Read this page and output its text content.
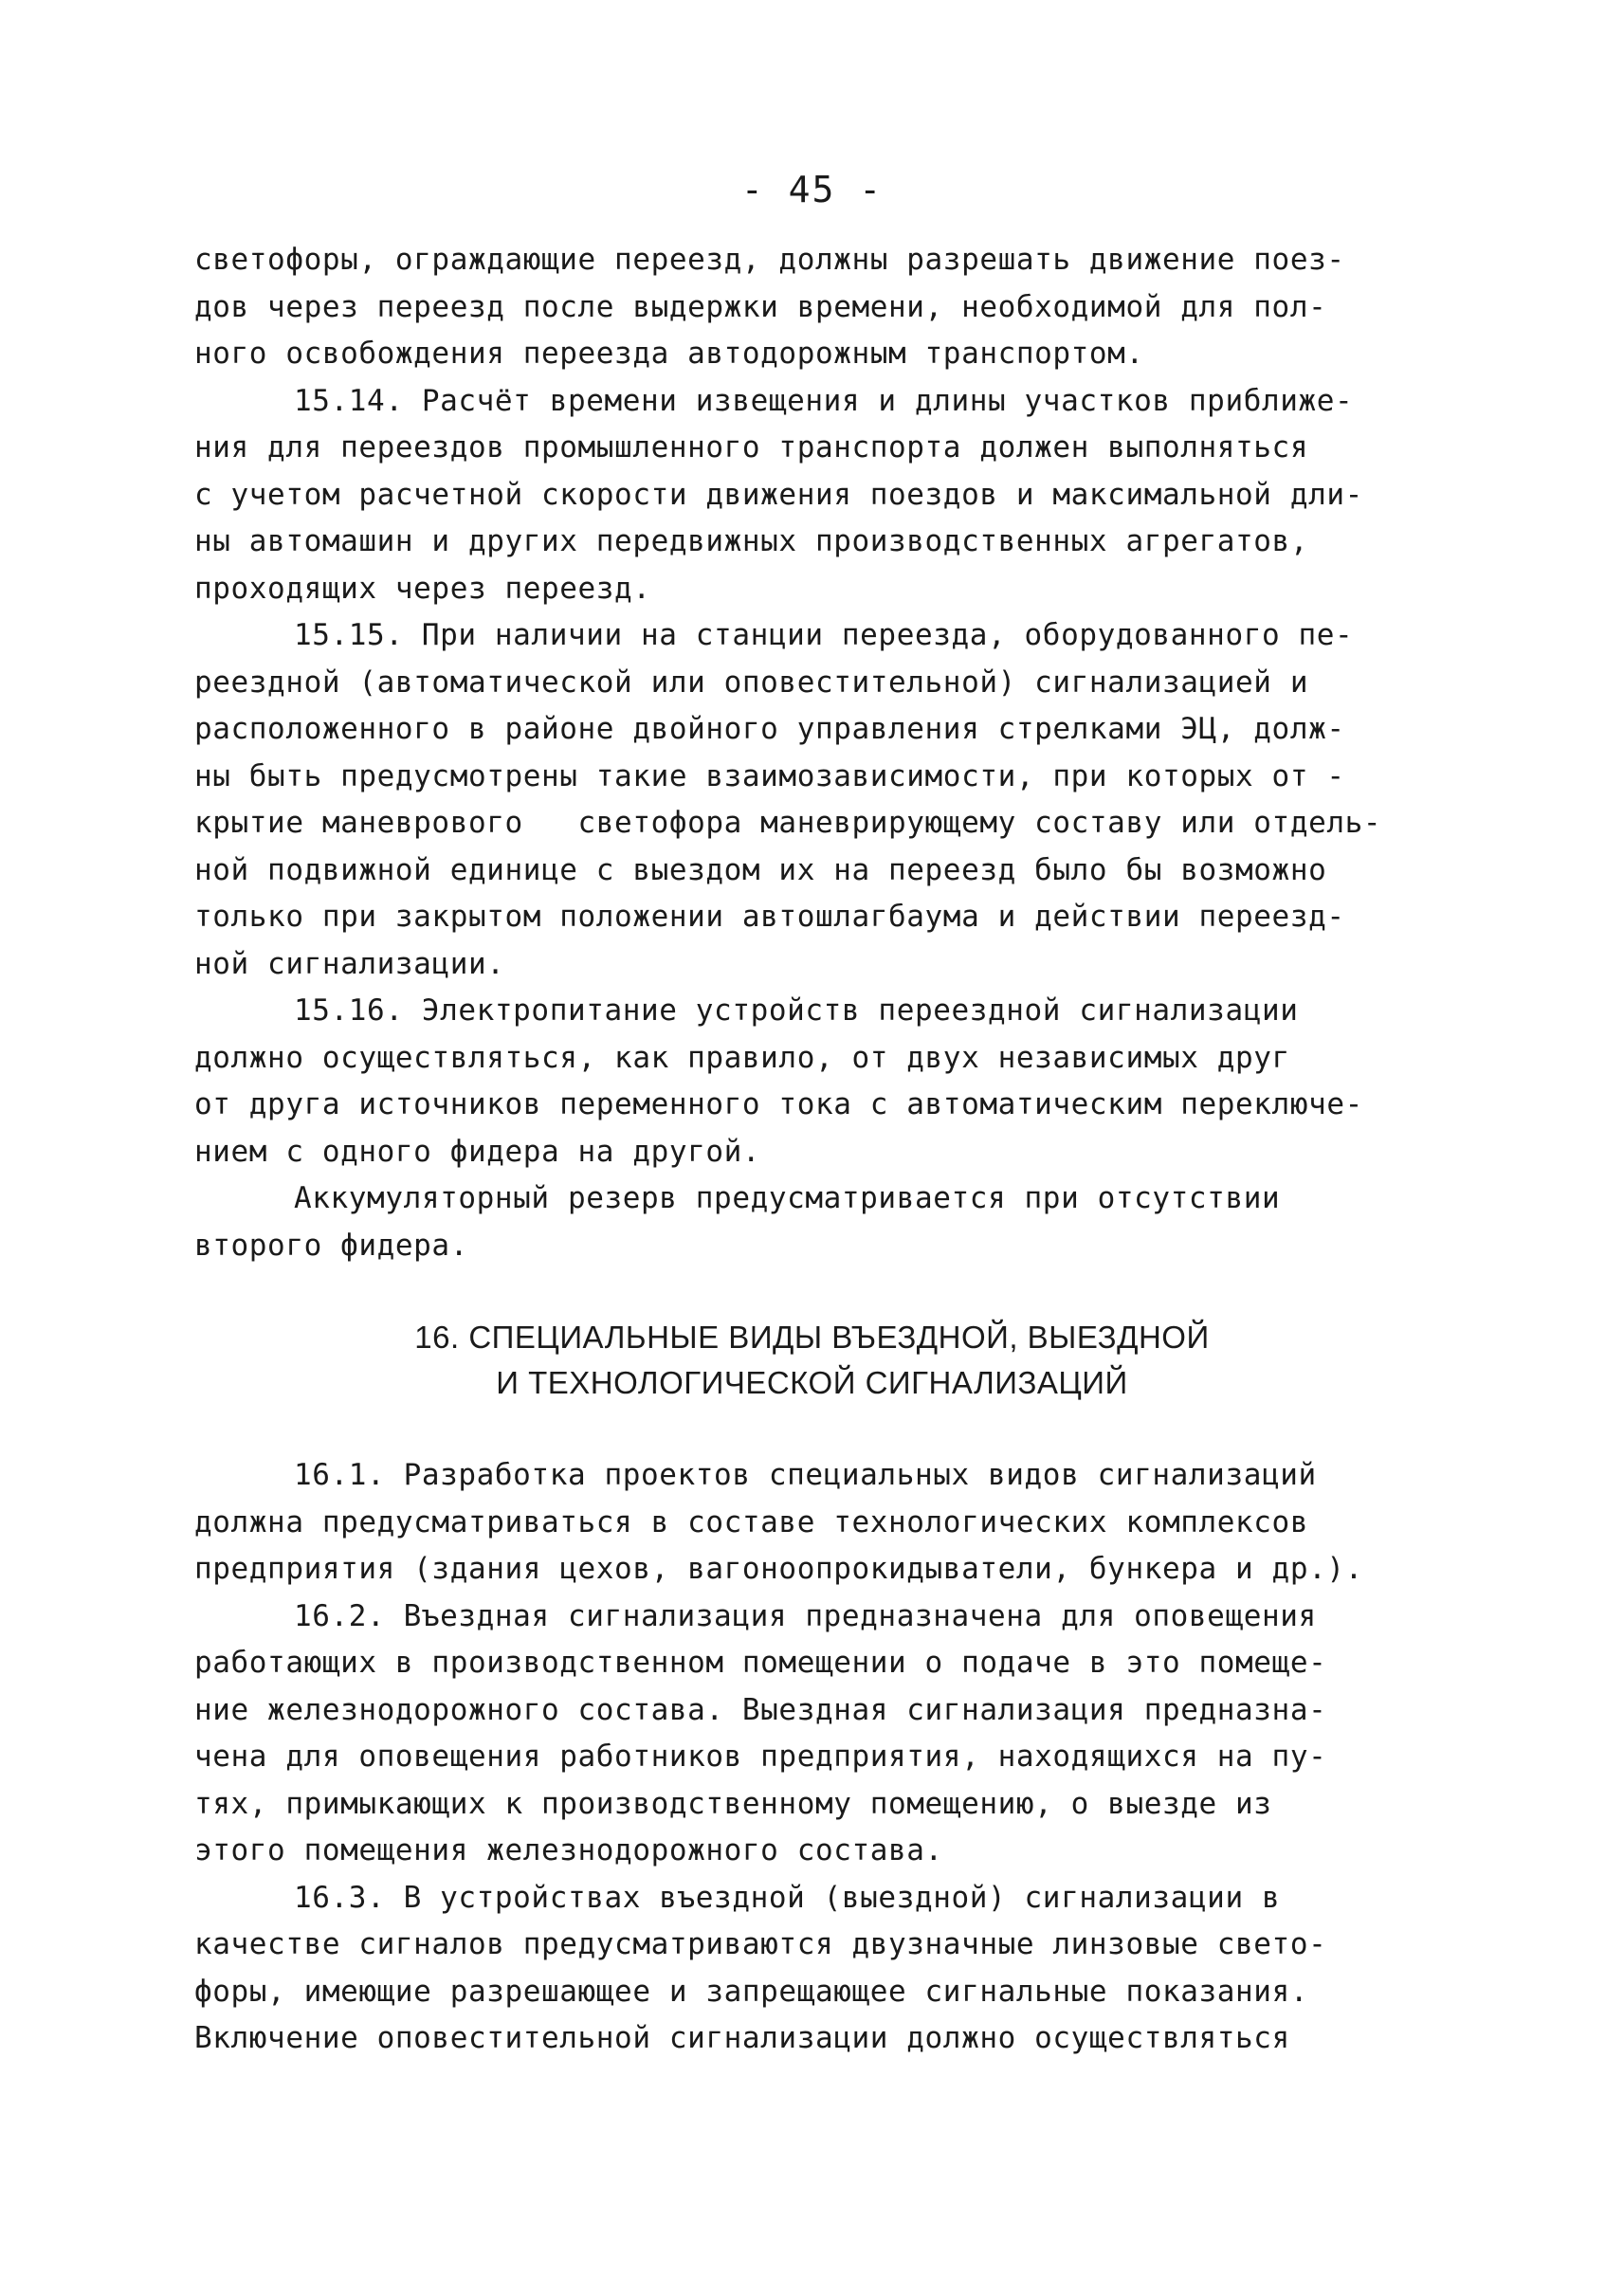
- 45 -
светофоры, ограждающие переезд, должны разрешать движение поез-
дов через переезд после выдержки времени, необходимой для пол-
ного освобождения переезда автодорожным транспортом.
15.14. Расчёт времени извещения и длины участков приближе-
ния для переездов промышленного транспорта должен выполняться
с учетом расчетной скорости движения поездов и максимальной дли-
ны автомашин и других передвижных производственных агрегатов,
проходящих через переезд.
15.15. При наличии на станции переезда, оборудованного пе-
реездной (автоматической или оповестительной) сигнализацией и
расположенного в районе двойного управления стрелками ЭЦ, долж-
ны быть предусмотрены такие взаимозависимости, при которых от -
крытие маневрового   светофора маневрирующему составу или отдель-
ной подвижной единице с выездом их на переезд было бы возможно
только при закрытом положении автошлагбаума и действии переезд-
ной сигнализации.
15.16. Электропитание устройств переездной сигнализации
должно осуществляться, как правило, от двух независимых друг
от друга источников переменного тока с автоматическим переключе-
нием с одного фидера на другой.
Аккумуляторный резерв предусматривается при отсутствии
второго фидера.
16. СПЕЦИАЛЬНЫЕ ВИДЫ ВЪЕЗДНОЙ, ВЫЕЗДНОЙ
И ТЕХНОЛОГИЧЕСКОЙ СИГНАЛИЗАЦИЙ
16.1. Разработка проектов специальных видов сигнализаций
должна предусматриваться в составе технологических комплексов
предприятия (здания цехов, вагоноопрокидыватели, бункера и др.).
16.2. Въездная сигнализация предназначена для оповещения
работающих в производственном помещении о подаче в это помеще-
ние железнодорожного состава. Выездная сигнализация предназна-
чена для оповещения работников предприятия, находящихся на пу-
тях, примыкающих к производственному помещению, о выезде из
этого помещения железнодорожного состава.
16.3. В устройствах въездной (выездной) сигнализации в
качестве сигналов предусматриваются двузначные линзовые свето-
форы, имеющие разрешающее и запрещающее сигнальные показания.
Включение оповестительной сигнализации должно осуществляться
